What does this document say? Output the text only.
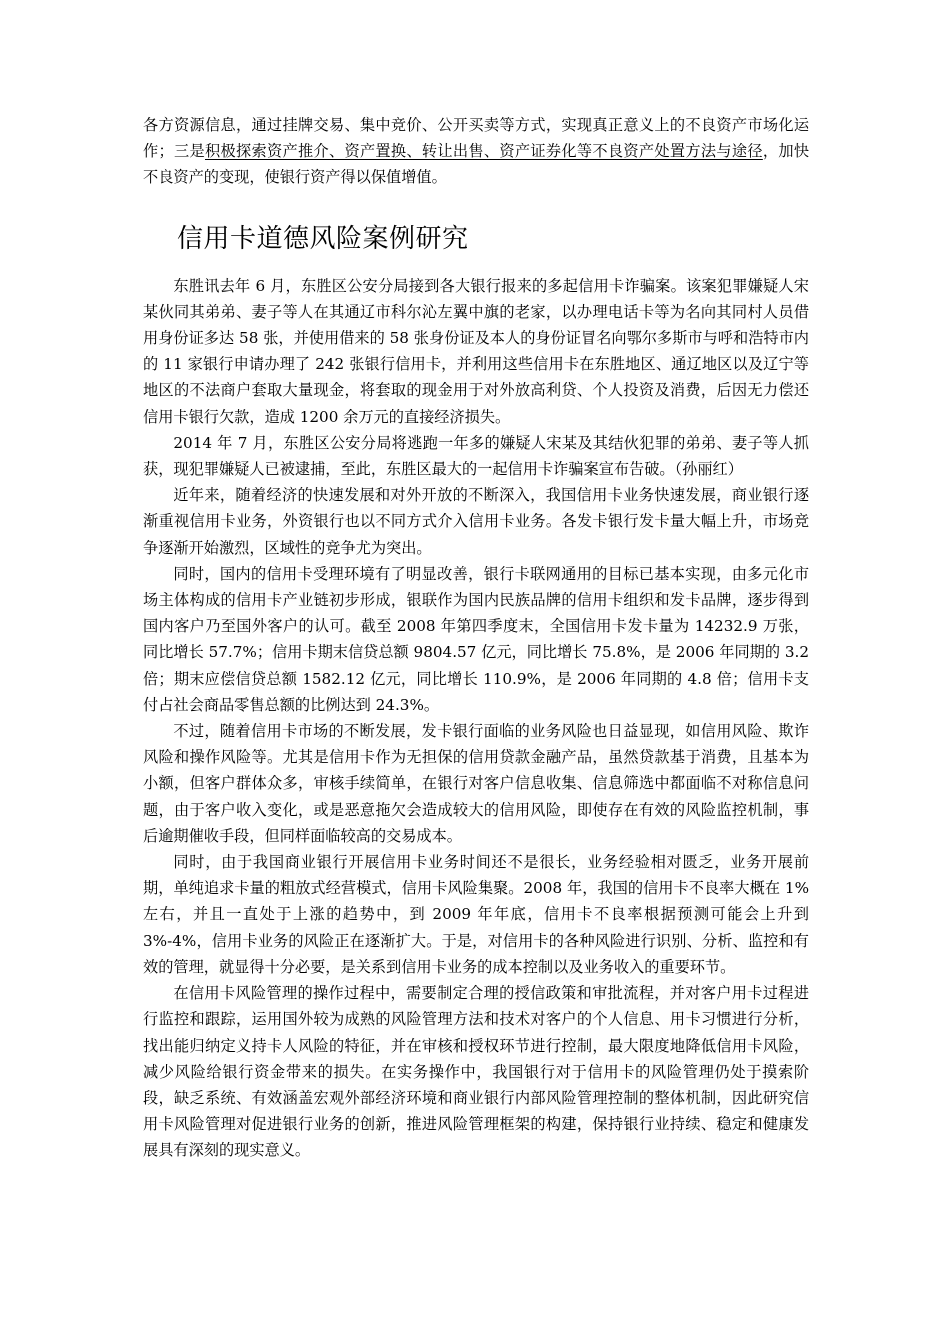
各方资源信息，通过挂牌交易、集中竞价、公开买卖等方式，实现真正意义上的不良资产市场化运作；三是积极探索资产推介、资产置换、转让出售、资产证券化等不良资产处置方法与途径，加快不良资产的变现，使银行资产得以保值增值。

信用卡道德风险案例研究

东胜讯去年 6 月，东胜区公安分局接到各大银行报来的多起信用卡诈骗案。该案犯罪嫌疑人宋某伙同其弟弟、妻子等人在其通辽市科尔沁左翼中旗的老家，以办理电话卡等为名向其同村人员借用身份证多达 58 张，并使用借来的 58 张身份证及本人的身份证冒名向鄂尔多斯市与呼和浩特市内的 11 家银行申请办理了 242 张银行信用卡，并利用这些信用卡在东胜地区、通辽地区以及辽宁等地区的不法商户套取大量现金，将套取的现金用于对外放高利贷、个人投资及消费，后因无力偿还信用卡银行欠款，造成 1200 余万元的直接经济损失。

2014 年 7 月，东胜区公安分局将逃跑一年多的嫌疑人宋某及其结伙犯罪的弟弟、妻子等人抓获，现犯罪嫌疑人已被逮捕，至此，东胜区最大的一起信用卡诈骗案宣布告破。（孙丽红）

近年来，随着经济的快速发展和对外开放的不断深入，我国信用卡业务快速发展，商业银行逐渐重视信用卡业务，外资银行也以不同方式介入信用卡业务。各发卡银行发卡量大幅上升，市场竞争逐渐开始激烈，区域性的竞争尤为突出。

同时，国内的信用卡受理环境有了明显改善，银行卡联网通用的目标已基本实现，由多元化市场主体构成的信用卡产业链初步形成，银联作为国内民族品牌的信用卡组织和发卡品牌，逐步得到国内客户乃至国外客户的认可。截至 2008 年第四季度末，全国信用卡发卡量为 14232.9 万张，同比增长 57.7%；信用卡期末信贷总额 9804.57 亿元，同比增长 75.8%，是 2006 年同期的 3.2 倍；期末应偿信贷总额 1582.12 亿元，同比增长 110.9%，是 2006 年同期的 4.8 倍；信用卡支付占社会商品零售总额的比例达到 24.3%。

不过，随着信用卡市场的不断发展，发卡银行面临的业务风险也日益显现，如信用风险、欺诈风险和操作风险等。尤其是信用卡作为无担保的信用贷款金融产品，虽然贷款基于消费，且基本为小额，但客户群体众多，审核手续简单，在银行对客户信息收集、信息筛选中都面临不对称信息问题，由于客户收入变化，或是恶意拖欠会造成较大的信用风险，即使存在有效的风险监控机制，事后逾期催收手段，但同样面临较高的交易成本。

同时，由于我国商业银行开展信用卡业务时间还不是很长，业务经验相对匮乏，业务开展前期，单纯追求卡量的粗放式经营模式，信用卡风险集聚。2008 年，我国的信用卡不良率大概在 1%左右，并且一直处于上涨的趋势中，到 2009 年年底，信用卡不良率根据预测可能会上升到 3%-4%，信用卡业务的风险正在逐渐扩大。于是，对信用卡的各种风险进行识别、分析、监控和有效的管理，就显得十分必要，是关系到信用卡业务的成本控制以及业务收入的重要环节。

在信用卡风险管理的操作过程中，需要制定合理的授信政策和审批流程，并对客户用卡过程进行监控和跟踪，运用国外较为成熟的风险管理方法和技术对客户的个人信息、用卡习惯进行分析，找出能归纳定义持卡人风险的特征，并在审核和授权环节进行控制，最大限度地降低信用卡风险，减少风险给银行资金带来的损失。在实务操作中，我国银行对于信用卡的风险管理仍处于摸索阶段，缺乏系统、有效涵盖宏观外部经济环境和商业银行内部风险管理控制的整体机制，因此研究信用卡风险管理对促进银行业务的创新，推进风险管理框架的构建，保持银行业持续、稳定和健康发展具有深刻的现实意义。
